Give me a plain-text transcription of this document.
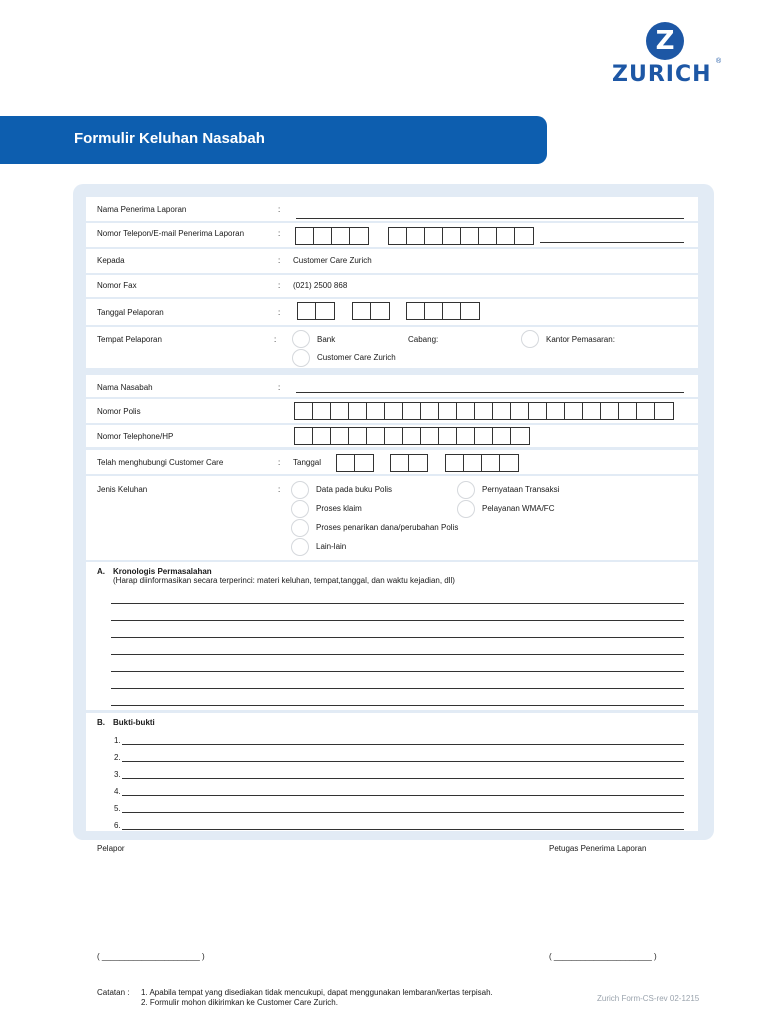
Z
ZURICH
®
Formulir Keluhan Nasabah
Nama Penerima Laporan	:
Nomor Telepon/E-mail Penerima Laporan	:
Kepada	: Customer Care Zurich
Nomor Fax	: (021) 2500 868
Tanggal Pelaporan	:
Tempat Pelaporan	:	Bank	Cabang:	Kantor Pemasaran:
Customer Care Zurich
Nama Nasabah	:
Nomor Polis
Nomor Telephone/HP
Telah menghubungi Customer Care	: Tanggal
Jenis Keluhan	:	Data pada buku Polis	Pernyataan Transaksi
Proses klaim	Pelayanan WMA/FC
Proses penarikan dana/perubahan Polis
Lain-lain
A. Kronologis Permasalahan
(Harap diinformasikan secara terperinci: materi keluhan, tempat,tanggal, dan waktu kejadian, dll)
B. Bukti-bukti
1.
2.
3.
4.
5.
6.
Pelapor	Petugas Penerima Laporan
( ______________________ )	( ______________________ )
Catatan : 1. Apabila tempat yang disediakan tidak mencukupi, dapat menggunakan lembaran/kertas terpisah.
2. Formulir mohon dikirimkan ke Customer Care Zurich.	Zurich Form-CS-rev 02-1215
